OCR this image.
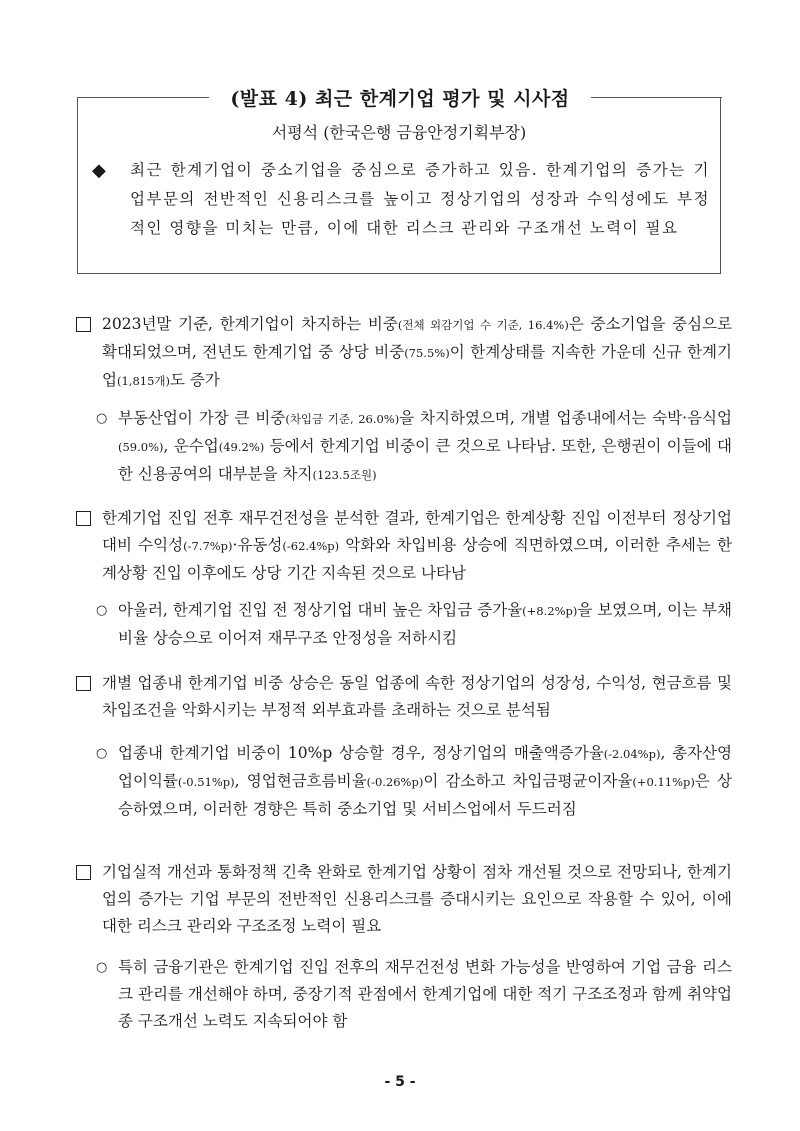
(발표 4) 최근 한계기업 평가 및 시사점
서평석 (한국은행 금융안정기획부장)
◆ 최근 한계기업이 중소기업을 중심으로 증가하고 있음. 한계기업의 증가는 기업부문의 전반적인 신용리스크를 높이고 정상기업의 성장과 수익성에도 부정적인 영향을 미치는 만큼, 이에 대한 리스크 관리와 구조개선 노력이 필요
2023년말 기준, 한계기업이 차지하는 비중(전체 외감기업 수 기준, 16.4%)은 중소기업을 중심으로 확대되었으며, 전년도 한계기업 중 상당 비중(75.5%)이 한계상태를 지속한 가운데 신규 한계기업(1,815개)도 증가
○ 부동산업이 가장 큰 비중(차입금 기준, 26.0%)을 차지하였으며, 개별 업종내에서는 숙박·음식업(59.0%), 운수업(49.2%) 등에서 한계기업 비중이 큰 것으로 나타남. 또한, 은행권이 이들에 대한 신용공여의 대부분을 차지(123.5조원)
한계기업 진입 전후 재무건전성을 분석한 결과, 한계기업은 한계상황 진입 이전부터 정상기업 대비 수익성(-7.7%p)·유동성(-62.4%p) 악화와 차입비용 상승에 직면하였으며, 이러한 추세는 한계상황 진입 이후에도 상당 기간 지속된 것으로 나타남
○ 아울러, 한계기업 진입 전 정상기업 대비 높은 차입금 증가율(+8.2%p)을 보였으며, 이는 부채비율 상승으로 이어져 재무구조 안정성을 저하시킴
개별 업종내 한계기업 비중 상승은 동일 업종에 속한 정상기업의 성장성, 수익성, 현금흐름 및 차입조건을 악화시키는 부정적 외부효과를 초래하는 것으로 분석됨
○ 업종내 한계기업 비중이 10%p 상승할 경우, 정상기업의 매출액증가율(-2.04%p), 총자산영업이익률(-0.51%p), 영업현금흐름비율(-0.26%p)이 감소하고 차입금평균이자율(+0.11%p)은 상승하였으며, 이러한 경향은 특히 중소기업 및 서비스업에서 두드러짐
기업실적 개선과 통화정책 긴축 완화로 한계기업 상황이 점차 개선될 것으로 전망되나, 한계기업의 증가는 기업 부문의 전반적인 신용리스크를 증대시키는 요인으로 작용할 수 있어, 이에 대한 리스크 관리와 구조조정 노력이 필요
○ 특히 금융기관은 한계기업 진입 전후의 재무건전성 변화 가능성을 반영하여 기업 금융 리스크 관리를 개선해야 하며, 중장기적 관점에서 한계기업에 대한 적기 구조조정과 함께 취약업종 구조개선 노력도 지속되어야 함
- 5 -
